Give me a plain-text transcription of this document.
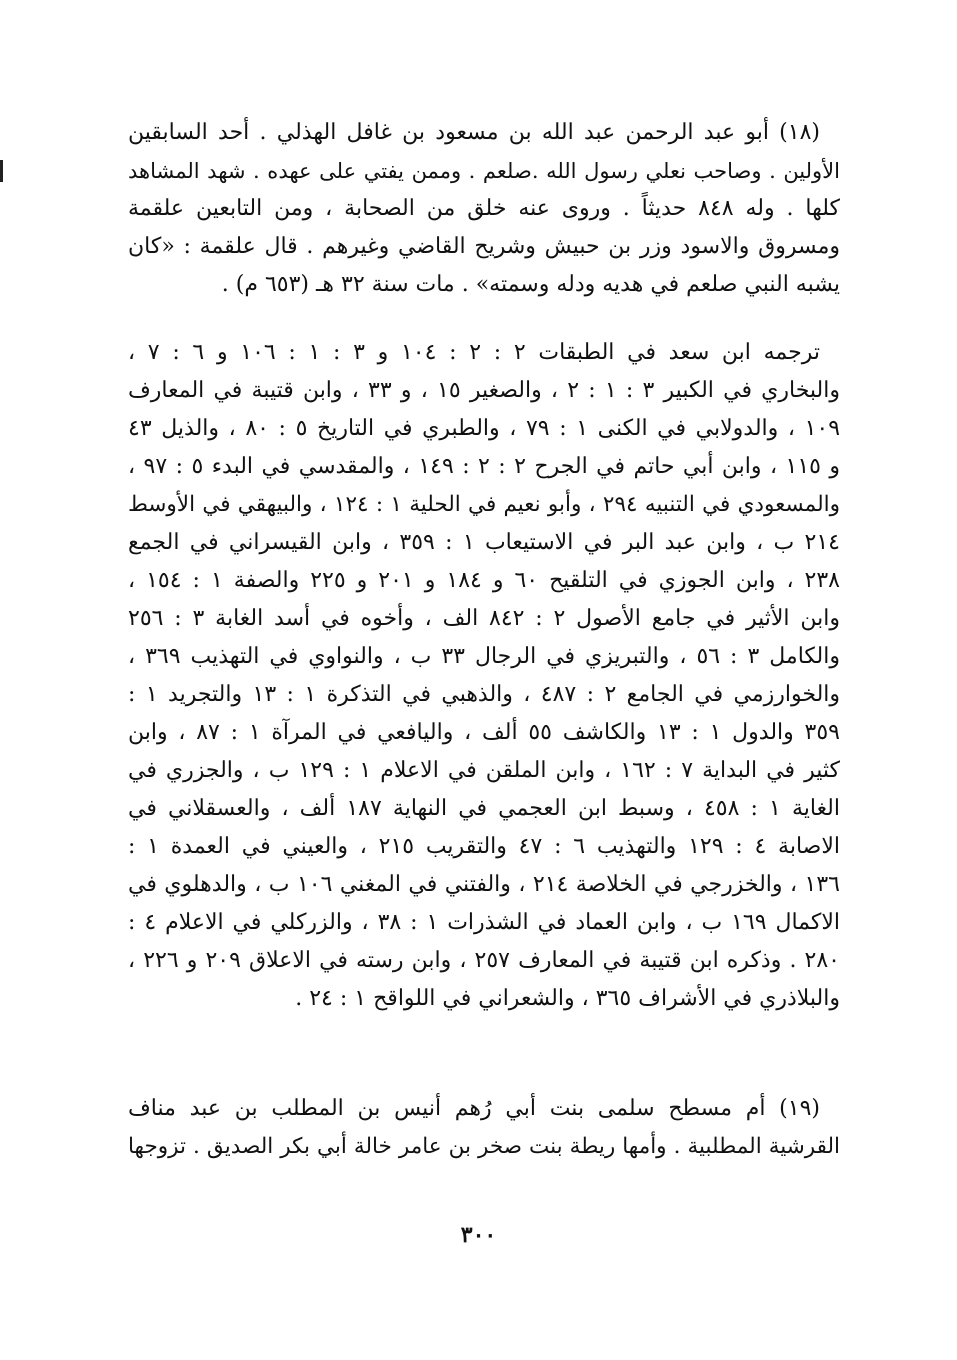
(١٨) أبو عبد الرحمن عبد الله بن مسعود بن غافل الهذلي . أحد السابقين
الأولين . وصاحب نعلي رسول الله .صلعم . وممن يفتي على عهده . شهد المشاهد
كلها . وله ٨٤٨ حديثاً . وروى عنه خلق من الصحابة ، ومن التابعين علقمة
ومسروق والاسود وزر بن حبيش وشريح القاضي وغيرهم . قال علقمة : «كان
يشبه النبي صلعم في هديه ودله وسمته» . مات سنة ٣٢ هـ (٦٥٣ م) .
ترجمه ابن سعد في الطبقات ٢ : ٢ : ١٠٤ و ٣ : ١ : ١٠٦ و ٦ : ٧ ،
والبخاري في الكبير ٣ : ١ : ٢ ، والصغير ١٥ ، و ٣٣ ، وابن قتيبة في المعارف
١٠٩ ، والدولابي في الكنى ١ : ٧٩ ، والطبري في التاريخ ٥ : ٨٠ ، والذيل ٤٣
و ١١٥ ، وابن أبي حاتم في الجرح ٢ : ٢ : ١٤٩ ، والمقدسي في البدء ٥ : ٩٧ ،
والمسعودي في التنبيه ٢٩٤ ، وأبو نعيم في الحلية ١ : ١٢٤ ، والبيهقي في الأوسط
٢١٤ ب ، وابن عبد البر في الاستيعاب ١ : ٣٥٩ ، وابن القيسراني في الجمع
٢٣٨ ، وابن الجوزي في التلقيح ٦٠ و ١٨٤ و ٢٠١ و ٢٢٥ والصفة ١ : ١٥٤ ،
وابن الأثير في جامع الأصول ٢ : ٨٤٢ الف ، وأخوه في أسد الغابة ٣ : ٢٥٦
والكامل ٣ : ٥٦ ، والتبريزي في الرجال ٣٣ ب ، والنواوي في التهذيب ٣٦٩ ،
والخوارزمي في الجامع ٢ : ٤٨٧ ، والذهبي في التذكرة ١ : ١٣ والتجريد ١ :
٣٥٩ والدول ١ : ١٣ والكاشف ٥٥ ألف ، واليافعي في المرآة ١ : ٨٧ ، وابن
كثير في البداية ٧ : ١٦٢ ، وابن الملقن في الاعلام ١ : ١٢٩ ب ، والجزري في
الغاية ١ : ٤٥٨ ، وسبط ابن العجمي في النهاية ١٨٧ ألف ، والعسقلاني في
الاصابة ٤ : ١٢٩ والتهذيب ٦ : ٤٧ والتقريب ٢١٥ ، والعيني في العمدة ١ :
١٣٦ ، والخزرجي في الخلاصة ٢١٤ ، والفتني في المغني ١٠٦ ب ، والدهلوي في
الاكمال ١٦٩ ب ، وابن العماد في الشذرات ١ : ٣٨ ، والزركلي في الاعلام ٤ :
٢٨٠ . وذكره ابن قتيبة في المعارف ٢٥٧ ، وابن رسته في الاعلاق ٢٠٩ و ٢٢٦ ،
والبلاذري في الأشراف ٣٦٥ ، والشعراني في اللواقح ١ : ٢٤ .
(١٩) أم مسطح سلمى بنت أبي رُهم أنيس بن المطلب بن عبد مناف
القرشية المطلبية . وأمها ريطة بنت صخر بن عامر خالة أبي بكر الصديق . تزوجها
٣٠٠
